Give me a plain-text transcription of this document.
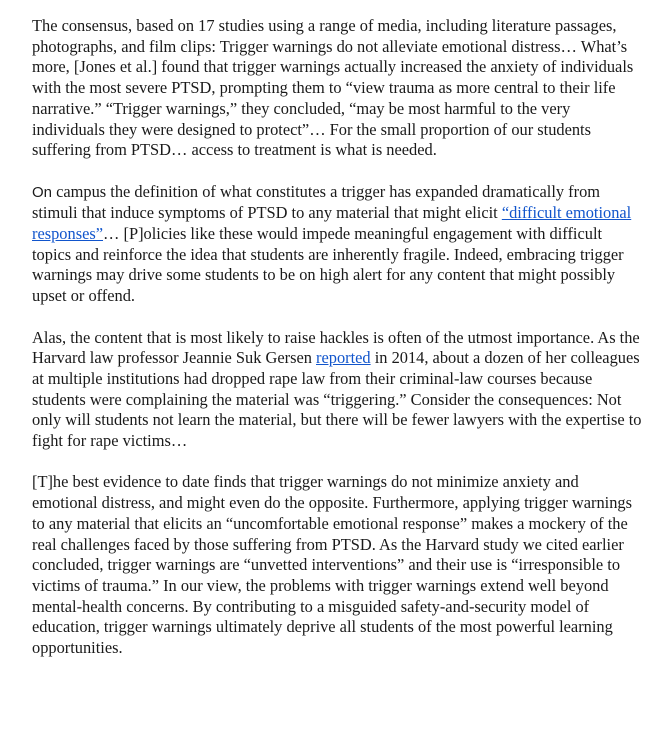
The consensus, based on 17 studies using a range of media, including literature passages, photographs, and film clips: Trigger warnings do not alleviate emotional distress… What’s more, [Jones et al.] found that trigger warnings actually increased the anxiety of individuals with the most severe PTSD, prompting them to “view trauma as more central to their life narrative.” “Trigger warnings,” they concluded, “may be most harmful to the very individuals they were designed to protect”… For the small proportion of our students suffering from PTSD… access to treatment is what is needed.

On campus the definition of what constitutes a trigger has expanded dramatically from stimuli that induce symptoms of PTSD to any material that might elicit “difficult emotional responses”… [P]olicies like these would impede meaningful engagement with difficult topics and reinforce the idea that students are inherently fragile. Indeed, embracing trigger warnings may drive some students to be on high alert for any content that might possibly upset or offend.

Alas, the content that is most likely to raise hackles is often of the utmost importance. As the Harvard law professor Jeannie Suk Gersen reported in 2014, about a dozen of her colleagues at multiple institutions had dropped rape law from their criminal-law courses because students were complaining the material was “triggering.” Consider the consequences: Not only will students not learn the material, but there will be fewer lawyers with the expertise to fight for rape victims…

[T]he best evidence to date finds that trigger warnings do not minimize anxiety and emotional distress, and might even do the opposite. Furthermore, applying trigger warnings to any material that elicits an “uncomfortable emotional response” makes a mockery of the real challenges faced by those suffering from PTSD. As the Harvard study we cited earlier concluded, trigger warnings are “unvetted interventions” and their use is “irresponsible to victims of trauma.” In our view, the problems with trigger warnings extend well beyond mental-health concerns. By contributing to a misguided safety-and-security model of education, trigger warnings ultimately deprive all students of the most powerful learning opportunities.
